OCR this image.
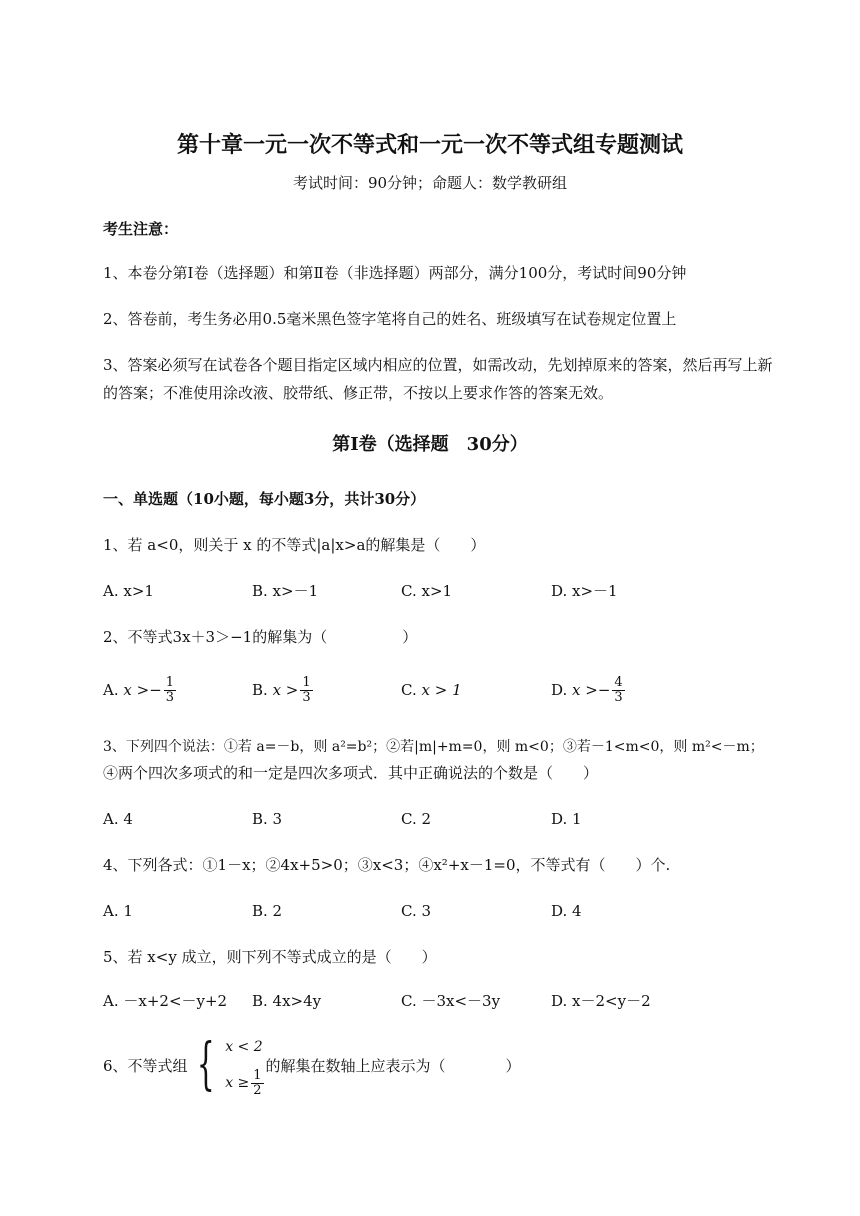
第十章一元一次不等式和一元一次不等式组专题测试
考试时间：90分钟；命题人：数学教研组
考生注意：
1、本卷分第Ⅰ卷（选择题）和第Ⅱ卷（非选择题）两部分，满分100分，考试时间90分钟
2、答卷前，考生务必用0.5毫米黑色签字笔将自己的姓名、班级填写在试卷规定位置上
3、答案必须写在试卷各个题目指定区域内相应的位置，如需改动，先划掉原来的答案，然后再写上新
的答案；不准使用涂改液、胶带纸、修正带，不按以上要求作答的答案无效。
第Ⅰ卷（选择题　30分）
一、单选题（10小题，每小题3分，共计30分）
1、若 a<0，则关于 x 的不等式|a|x>a的解集是（　　）
A. x>1	B. x>－1	C. x>1	D. x>－1
2、不等式3x＋3＞−1的解集为（　　　　　）
A.
x > − $\frac{1}{3}$	B.
$x > \frac{1}{3}$	C.
x > 1	D.
x > − $\frac{4}{3}$
3、下列四个说法：①若 a=－b，则 a²=b²；②若|m|+m=0，则 m<0；③若－1<m<0，则 m²<－m；
④两个四次多项式的和一定是四次多项式．其中正确说法的个数是（　　）
A. 4	B. 3	C. 2	D. 1
4、下列各式：①1－x；②4x+5>0；③x<3；④x²+x－1=0，不等式有（　　）个.
A. 1	B. 2	C. 3	D. 4
5、若 x<y 成立，则下列不等式成立的是（　　）
A. －x+2<－y+2 B. 4x>4y	C. －3x<－3y	D. x－2<y－2
6、不等式组 { x < 2
$x \ge \frac{1}{2}$
的解集在数轴上应表示为（　　　　）
